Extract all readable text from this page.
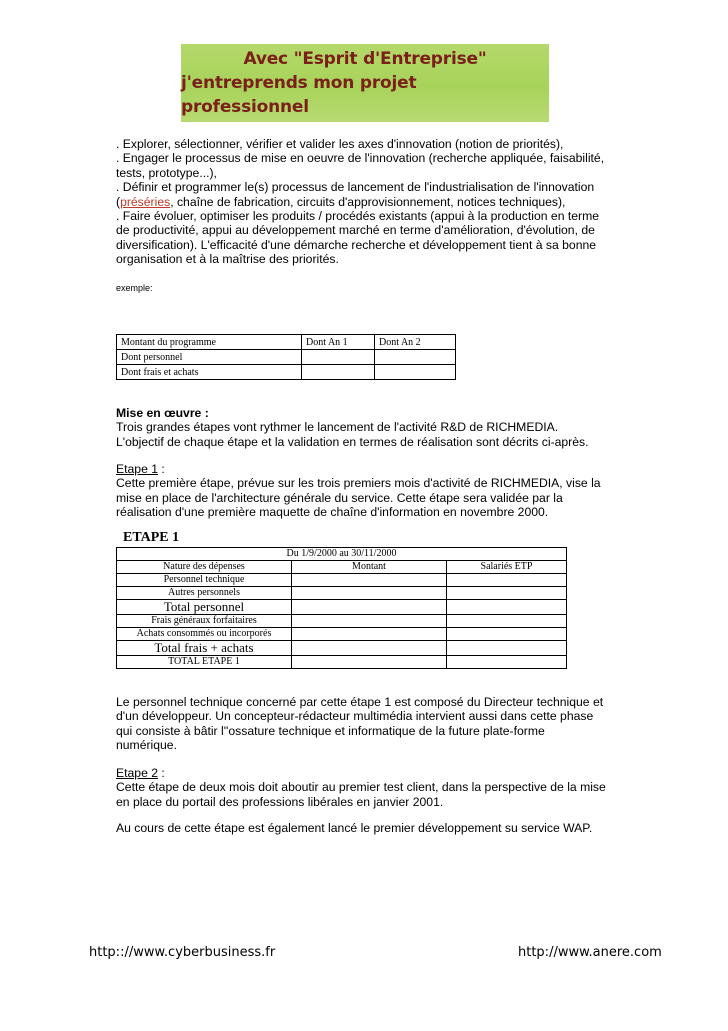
Avec "Esprit d'Entreprise"
j'entreprends mon projet professionnel

. Explorer, sélectionner, vérifier et valider les axes d'innovation (notion de priorités),

. Engager le processus de mise en oeuvre de l'innovation (recherche appliquée, faisabilité,

tests, prototype...),

. Définir et programmer le(s) processus de lancement de l'industrialisation de l'innovation

(préséries, chaîne de fabrication, circuits d'approvisionnement, notices techniques),

. Faire évoluer, optimiser les produits / procédés existants (appui à la production en terme

de productivité, appui au développement marché en terme d'amélioration, d'évolution, de

diversification). L'efficacité d'une démarche recherche et développement tient à sa bonne

organisation et à la maîtrise des priorités.

exemple:
Montant du programme	Dont An 1	Dont An 2
Dont personnel		
Dont frais et achats		

Mise en œuvre :

Trois grandes étapes vont rythmer le lancement de l'activité R&D de RICHMEDIA.

L'objectif de chaque étape et la validation en termes de réalisation sont décrits ci-après.

Etape 1 :

Cette première étape, prévue sur les trois premiers mois d'activité de RICHMEDIA, vise la

mise en place de l'architecture générale du service. Cette étape sera validée par la

réalisation d'une première maquette de chaîne d'information en novembre 2000.

ETAPE 1
Du 1/9/2000 au 30/11/2000		
Nature des dépenses	Montant	Salariés ETP
Personnel technique		
Autres personnels		
Total personnel		
Frais généraux forfaitaires		
Achats consommés ou incorporés		
Total frais + achats		
TOTAL ETAPE 1		

Le personnel technique concerné par cette étape 1 est composé du Directeur technique et

d'un développeur. Un concepteur-rédacteur multimédia intervient aussi dans cette phase

qui consiste à bâtir l''ossature technique et informatique de la future plate-forme

numérique.

Etape 2 :

Cette étape de deux mois doit aboutir au premier test client, dans la perspective de la mise

en place du portail des professions libérales en janvier 2001.

Au cours de cette étape est également lancé le premier développement su service WAP.
http:://www.cyberbusiness.fr	http://www.anere.com
